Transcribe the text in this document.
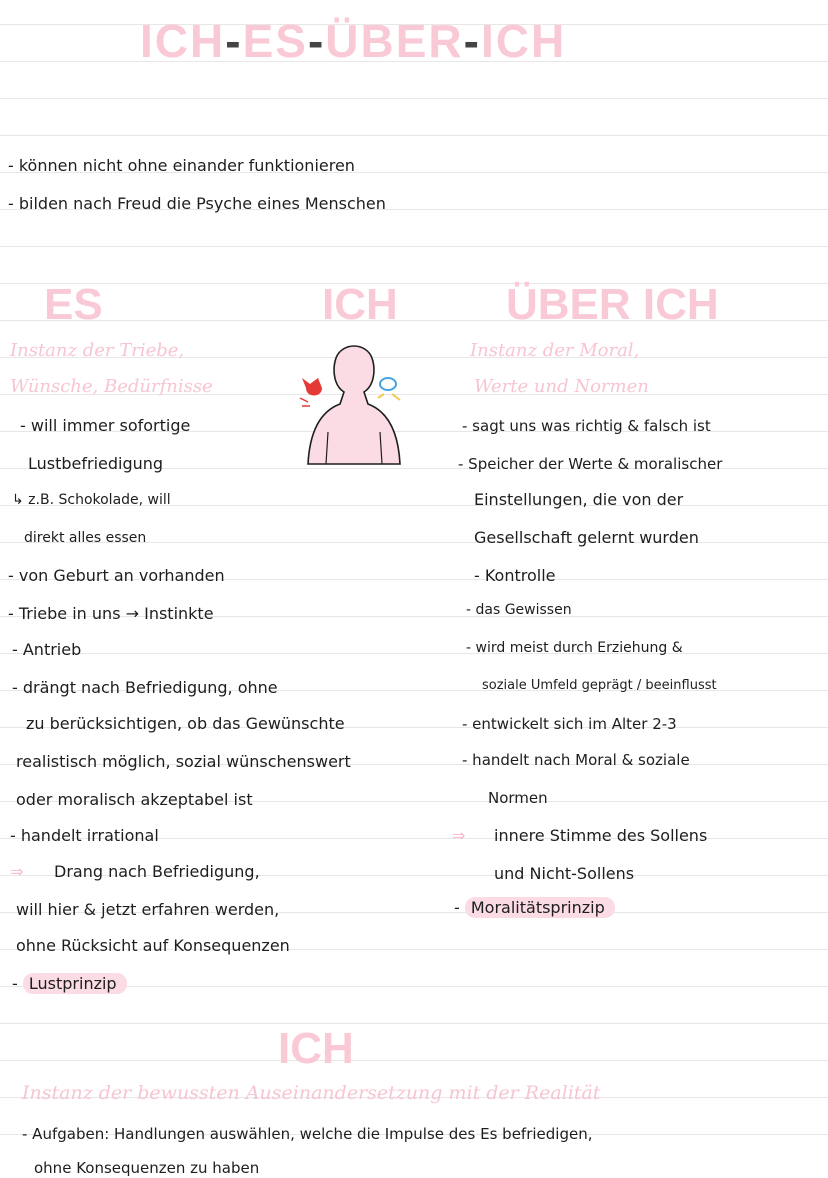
ICH-ES-ÜBER-ICH
- können nicht ohne einander funktionieren
- bilden nach Freud die Psyche eines Menschen
ES	ICH ÜBER ICH
Instanz der Triebe,
Wünsche, Bedürfnisse
Instanz der Moral,
Werte und Normen
- will immer sofortige
Lustbefriedigung
↳ z.B. Schokolade, will
direkt alles essen
- von Geburt an vorhanden
- Triebe in uns → Instinkte
- Antrieb
- drängt nach Befriedigung, ohne
zu berücksichtigen, ob das Gewünschte
realistisch möglich, sozial wünschenswert
oder moralisch akzeptabel ist
- handelt irrational
⇒ Drang nach Befriedigung,
will hier & jetzt erfahren werden,
ohne Rücksicht auf Konsequenzen
- Lustprinzip
- sagt uns was richtig & falsch ist
- Speicher der Werte & moralischer
Einstellungen, die von der
Gesellschaft gelernt wurden
- Kontrolle
- das Gewissen
- wird meist durch Erziehung &
soziale Umfeld geprägt / beeinflusst
- entwickelt sich im Alter 2-3
- handelt nach Moral & soziale
Normen
⇒ innere Stimme des Sollens
und Nicht-Sollens
- Moralitätsprinzip
ICH
Instanz der bewussten Auseinandersetzung mit der Realität
- Aufgaben: Handlungen auswählen, welche die Impulse des Es befriedigen,
ohne Konsequenzen zu haben
